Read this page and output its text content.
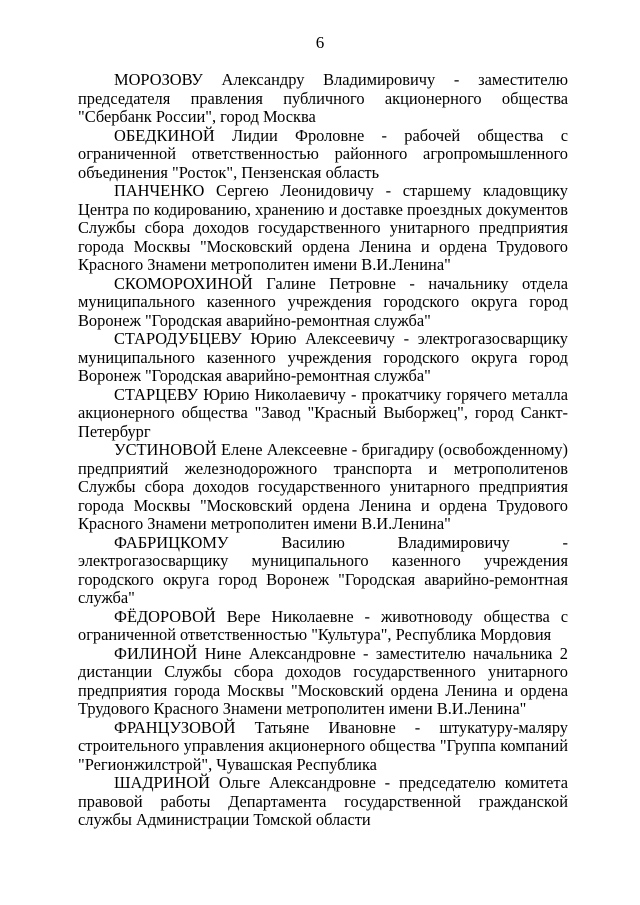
6

МОРОЗОВУ Александру Владимировичу - заместителю председателя правления публичного акционерного общества "Сбербанк России", город Москва

ОБЕДКИНОЙ Лидии Фроловне - рабочей общества с ограниченной ответственностью районного агропромышленного объединения "Росток", Пензенская область

ПАНЧЕНКО Сергею Леонидовичу - старшему кладовщику Центра по кодированию, хранению и доставке проездных документов Службы сбора доходов государственного унитарного предприятия города Москвы "Московский ордена Ленина и ордена Трудового Красного Знамени метрополитен имени В.И.Ленина"

СКОМОРОХИНОЙ Галине Петровне - начальнику отдела муниципального казенного учреждения городского округа город Воронеж "Городская аварийно-ремонтная служба"

СТАРОДУБЦЕВУ Юрию Алексеевичу - электрогазосварщику муниципального казенного учреждения городского округа город Воронеж "Городская аварийно-ремонтная служба"

СТАРЦЕВУ Юрию Николаевичу - прокатчику горячего металла акционерного общества "Завод "Красный Выборжец", город Санкт-Петербург

УСТИНОВОЙ Елене Алексеевне - бригадиру (освобожденному) предприятий железнодорожного транспорта и метрополитенов Службы сбора доходов государственного унитарного предприятия города Москвы "Московский ордена Ленина и ордена Трудового Красного Знамени метрополитен имени В.И.Ленина"

ФАБРИЦКОМУ Василию Владимировичу - электрогазосварщику муниципального казенного учреждения городского округа город Воронеж "Городская аварийно-ремонтная служба"

ФЁДОРОВОЙ Вере Николаевне - животноводу общества с ограниченной ответственностью "Культура", Республика Мордовия

ФИЛИНОЙ Нине Александровне - заместителю начальника 2 дистанции Службы сбора доходов государственного унитарного предприятия города Москвы "Московский ордена Ленина и ордена Трудового Красного Знамени метрополитен имени В.И.Ленина"

ФРАНЦУЗОВОЙ Татьяне Ивановне - штукатуру-маляру строительного управления акционерного общества "Группа компаний "Регионжилстрой", Чувашская Республика

ШАДРИНОЙ Ольге Александровне - председателю комитета правовой работы Департамента государственной гражданской службы Администрации Томской области
